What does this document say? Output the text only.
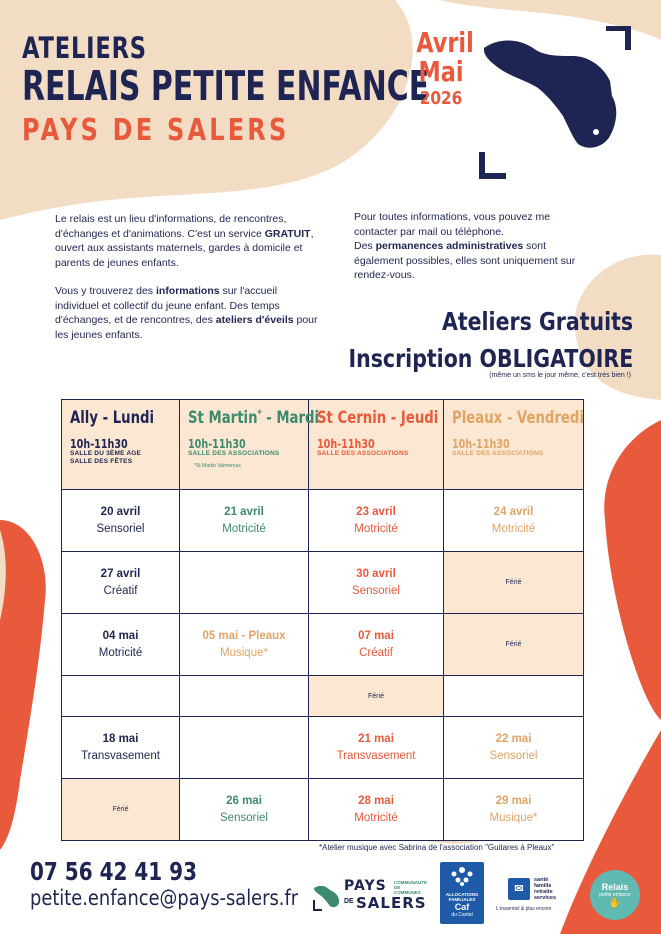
ATELIERS
RELAIS PETITE ENFANCE
PAYS DE SALERS
Avril
Mai
2026

Le relais est un lieu d'informations, de rencontres, d'échanges et d'animations. C'est un service GRATUIT, ouvert aux assistants maternels, gardes à domicile et parents de jeunes enfants.

Vous y trouverez des informations sur l'accueil individuel et collectif du jeune enfant. Des temps d'échanges, et de rencontres, des ateliers d'éveils pour les jeunes enfants.

Pour toutes informations, vous pouvez me contacter par mail ou téléphone.
Des permanences administratives sont également possibles, elles sont uniquement sur rendez-vous.
Ateliers Gratuits
Inscription OBLIGATOIRE
(même un sms le jour même, c'est très bien !)
Ally - Lundi
10h-11h30
SALLE DU 3ÈME AGE
SALLE DES FÊTES	St Martin* - Mardi
10h-11h30
SALLE DES ASSOCIATIONS
*St Martin Valmeroux	St Cernin - Jeudi
10h-11h30
SALLE DES ASSOCIATIONS	Pleaux - Vendredi
10h-11h30
SALLE DES ASSOCIATIONS

20 avril
Sensoriel	21 avril
Motricité	23 avril
Motricité	24 avril
Motricité

27 avril
Créatif		30 avril
Sensoriel	Férié

04 mai
Motricité	05 mai - Pleaux
Musique*	07 mai
Créatif	Férié
		Férié	

18 mai
Transvasement		21 mai
Transvasement	22 mai
Sensoriel
Férié	26 mai
Sensoriel	28 mai
Motricité	29 mai
Musique*
*Atelier musique avec Sabrina de l'association "Guitares à Pleaux"
07 56 42 41 93
petite.enfance@pays-salers.fr	PAYS COMMUNAUTÉ DE COMMUNES
DE SALERS	ALLOCATIONS
FAMILIALES
Caf
du Cantal
✉
santé
famille
retraite
services
L'essentiel & plus encore
Relais
petite enfance
✋
